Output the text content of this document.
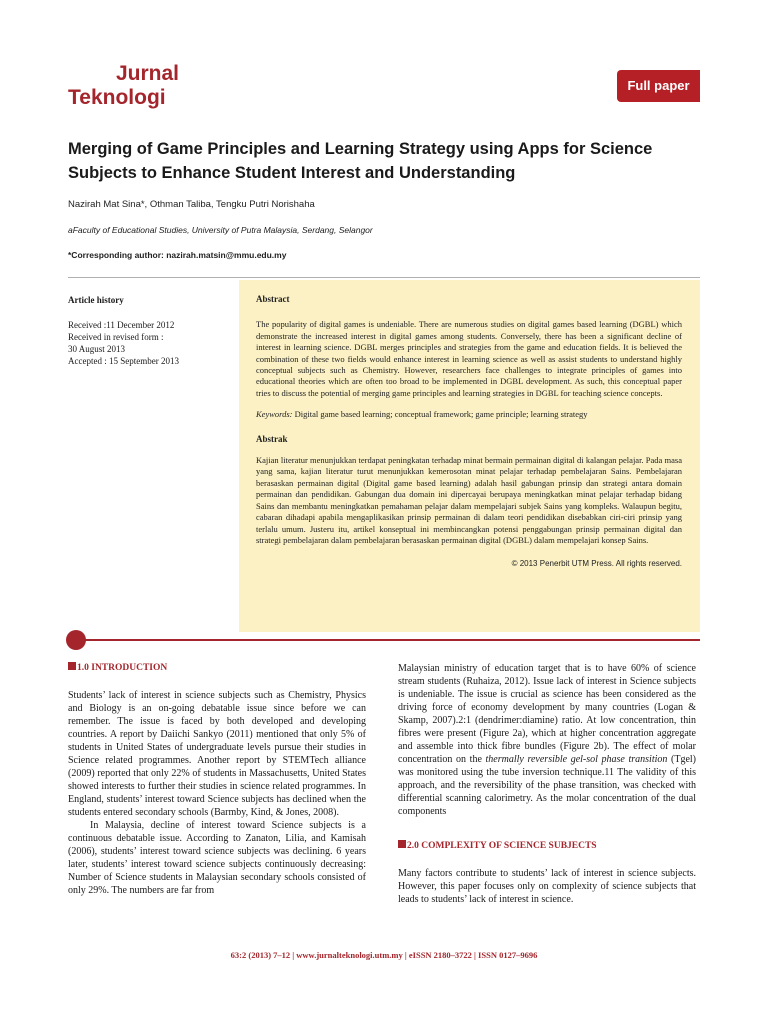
Jurnal
Teknologi
Full paper
Merging of Game Principles and Learning Strategy using Apps for Science Subjects to Enhance Student Interest and Understanding
Nazirah Mat Sina*, Othman Taliba, Tengku Putri Norishaha
aFaculty of Educational Studies, University of Putra Malaysia, Serdang, Selangor
*Corresponding author: nazirah.matsin@mmu.edu.my
Article history
Received :11 December 2012
Received in revised form :
30 August 2013
Accepted : 15 September 2013
Abstract

The popularity of digital games is undeniable. There are numerous studies on digital games based learning (DGBL) which demonstrate the increased interest in digital games among students. Conversely, there has been a significant decline of interest in learning science. DGBL merges principles and strategies from the game and education fields. It is believed the combination of these two fields would enhance interest in learning science as well as assist students to understand highly conceptual subjects such as Chemistry. However, researchers face challenges to integrate principles of games into educational theories which are often too broad to be implemented in DGBL development. As such, this conceptual paper tries to discuss the potential of merging game principles and learning strategies in DGBL for teaching science concepts.

Keywords: Digital game based learning; conceptual framework; game principle; learning strategy

Abstrak

Kajian literatur menunjukkan terdapat peningkatan terhadap minat bermain permainan digital di kalangan pelajar. Pada masa yang sama, kajian literatur turut menunjukkan kemerosotan minat pelajar terhadap pembelajaran Sains. Pembelajaran berasaskan permainan digital (Digital game based learning) adalah hasil gabungan prinsip dan strategi antara domain permainan dan pendidikan. Gabungan dua domain ini dipercayai berupaya meningkatkan minat pelajar terhadap bidang Sains dan membantu meningkatkan pemahaman pelajar dalam mempelajari subjek Sains yang kompleks. Walaupun begitu, cabaran dihadapi apabila mengaplikasikan prinsip permainan di dalam teori pendidikan disebabkan ciri-ciri prinsip yang terlalu umum. Justeru itu, artikel konseptual ini membincangkan potensi penggabungan prinsip permainan digital dan strategi pembelajaran dalam pembelajaran berasaskan permainan digital (DGBL) dalam mempelajari konsep Sains.

© 2013 Penerbit UTM Press. All rights reserved.
1.0 INTRODUCTION

Students’ lack of interest in science subjects such as Chemistry, Physics and Biology is an on-going debatable issue since before we can remember. The issue is faced by both developed and developing countries. A report by Daiichi Sankyo (2011) mentioned that only 5% of students in United States of undergraduate levels pursue their studies in Science related programmes. Another report by STEMTech alliance (2009) reported that only 22% of students in Massachusetts, United States showed interests to further their studies in science related programmes. In England, students’ interest toward Science subjects has declined when the students entered secondary schools (Barmby, Kind, & Jones, 2008).

In Malaysia, decline of interest toward Science subjects is a continuous debatable issue. According to Zanaton, Lilia, and Kamisah (2006), students’ interest toward science subjects was declining. 6 years later, students’ interest toward science subjects continuously decreasing: Number of Science students in Malaysian secondary schools consisted of only 29%. The numbers are far from

Malaysian ministry of education target that is to have 60% of science stream students (Ruhaiza, 2012). Issue lack of interest in Science subjects is undeniable. The issue is crucial as science has been considered as the driving force of economy development by many countries (Logan & Skamp, 2007).2:1 (dendrimer:diamine) ratio. At low concentration, thin fibres were present (Figure 2a), which at higher concentration aggregate and assemble into thick fibre bundles (Figure 2b). The effect of molar concentration on the thermally reversible gel-sol phase transition (Tgel) was monitored using the tube inversion technique.11 The validity of this approach, and the reversibility of the phase transition, was checked with differential scanning calorimetry. As the molar concentration of the dual components

2.0 COMPLEXITY OF SCIENCE SUBJECTS

Many factors contribute to students’ lack of interest in science subjects. However, this paper focuses only on complexity of science subjects that leads to students’ lack of interest in science.

63:2 (2013) 7–12 | www.jurnalteknologi.utm.my | eISSN 2180–3722 | ISSN 0127–9696
